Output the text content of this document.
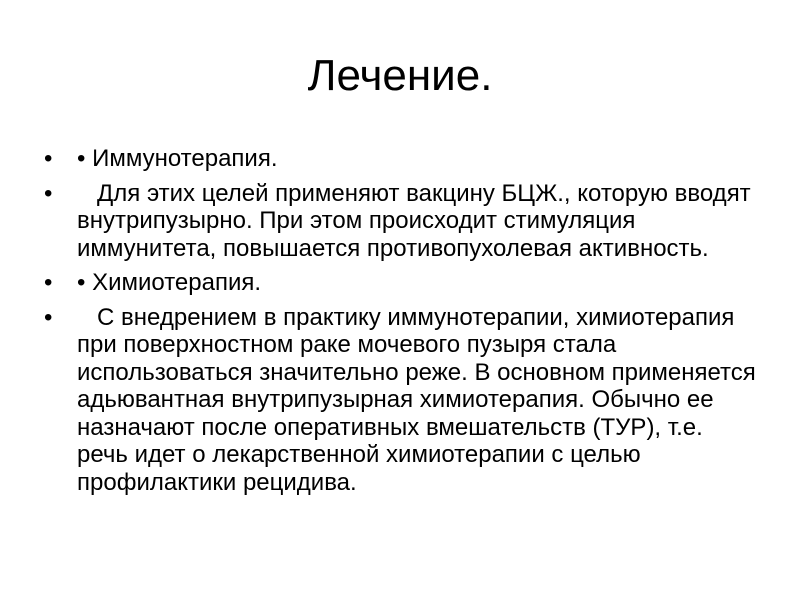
Лечение.
•	• Иммунотерапия.
•	Для этих целей применяют вакцину БЦЖ., которую вводят внутрипузырно. При этом происходит стимуляция иммунитета, повышается противопухолевая активность.
•	• Химиотерапия.
•	С внедрением в практику иммунотерапии, химиотерапия при поверхностном раке мочевого пузыря стала использоваться значительно реже. В основном применяется адьювантная внутрипузырная химиотерапия. Обычно ее назначают после оперативных вмешательств (ТУР), т.е. речь идет о лекарственной химиотерапии с целью профилактики рецидива.
